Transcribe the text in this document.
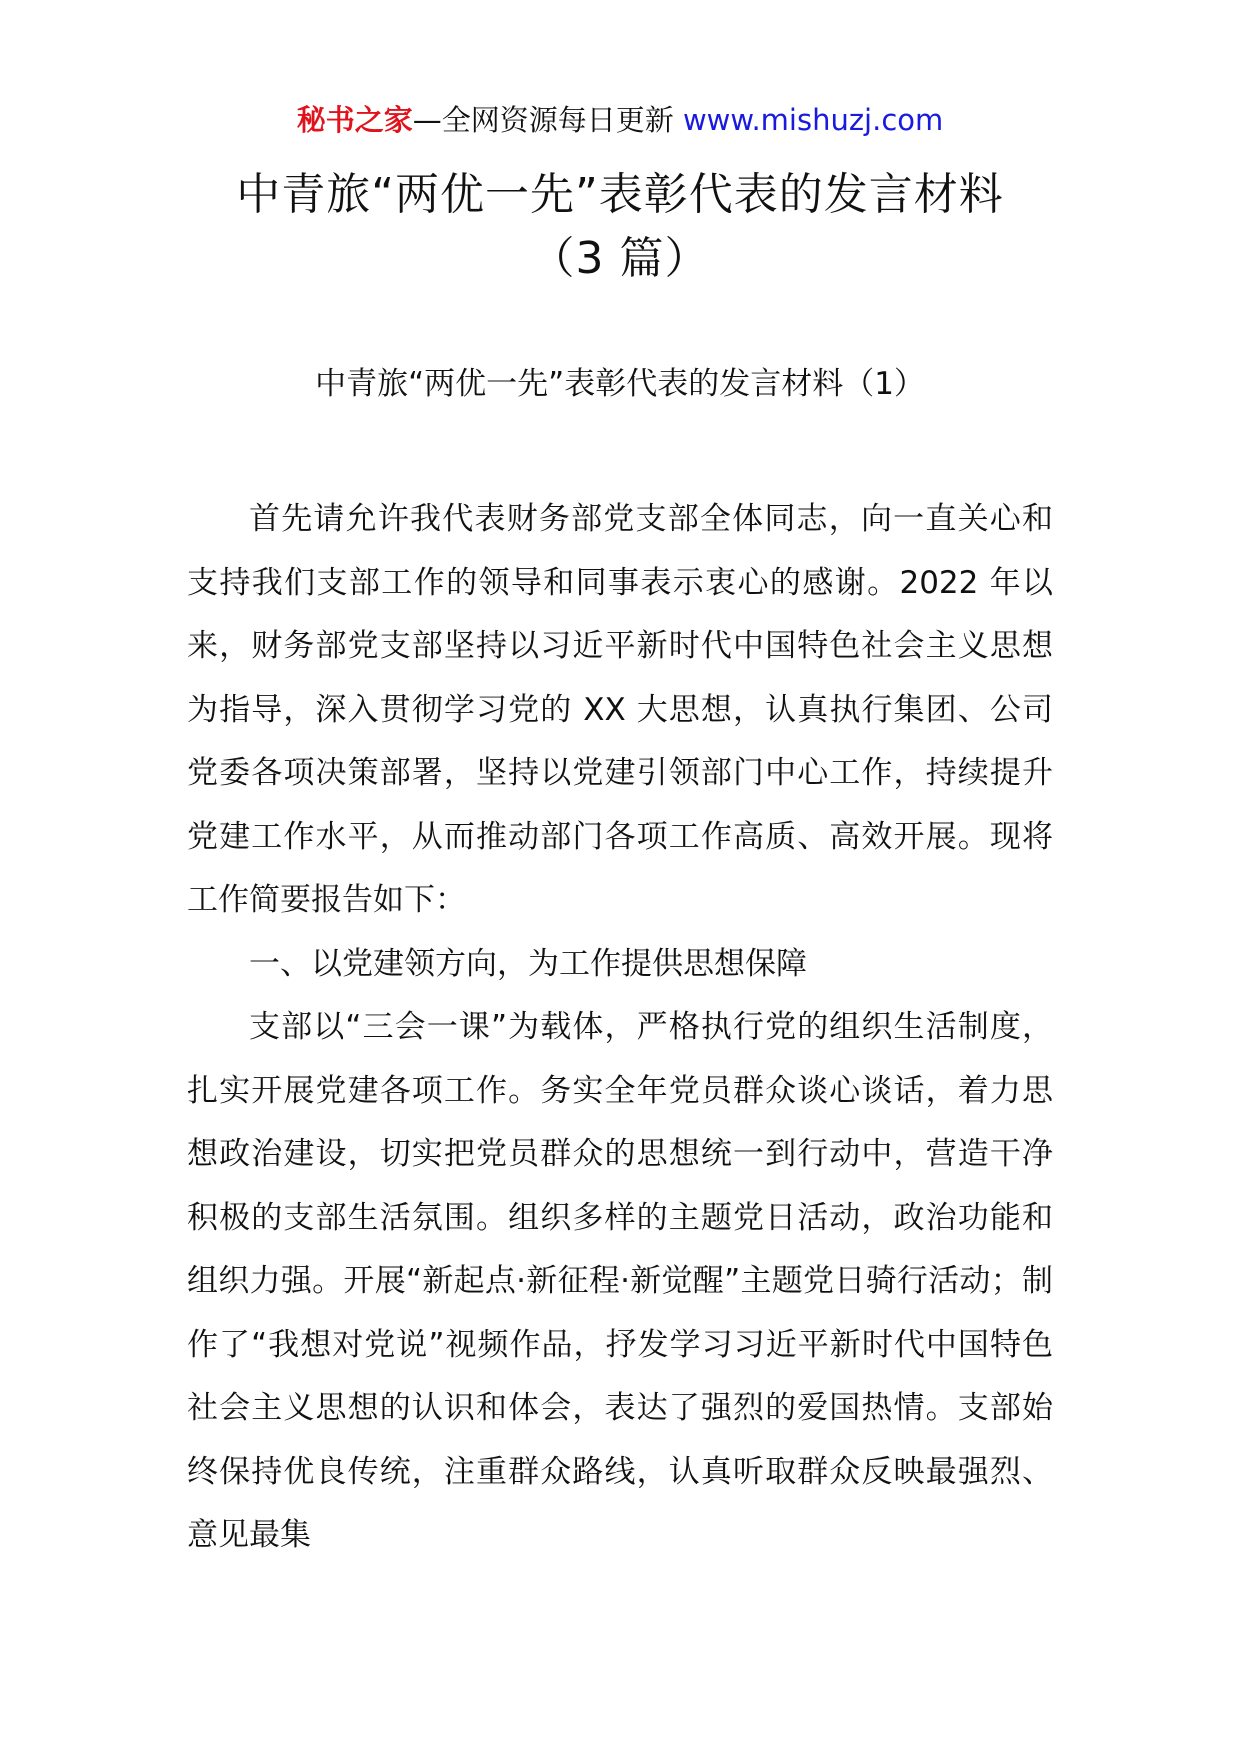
秘书之家—全网资源每日更新 www.mishuzj.com
中青旅“两优一先”表彰代表的发言材料
（3 篇）
中青旅“两优一先”表彰代表的发言材料（1）

首先请允许我代表财务部党支部全体同志，向一直关心和支持我们支部工作的领导和同事表示衷心的感谢。2022 年以来，财务部党支部坚持以习近平新时代中国特色社会主义思想为指导，深入贯彻学习党的 XX 大思想，认真执行集团、公司党委各项决策部署，坚持以党建引领部门中心工作，持续提升党建工作水平，从而推动部门各项工作高质、高效开展。现将工作简要报告如下：

一、以党建领方向，为工作提供思想保障

支部以“三会一课”为载体，严格执行党的组织生活制度，扎实开展党建各项工作。务实全年党员群众谈心谈话，着力思想政治建设，切实把党员群众的思想统一到行动中，营造干净积极的支部生活氛围。组织多样的主题党日活动，政治功能和组织力强。开展“新起点·新征程·新觉醒”主题党日骑行活动；制作了“我想对党说”视频作品，抒发学习习近平新时代中国特色社会主义思想的认识和体会，表达了强烈的爱国热情。支部始终保持优良传统，注重群众路线，认真听取群众反映最强烈、意见最集
